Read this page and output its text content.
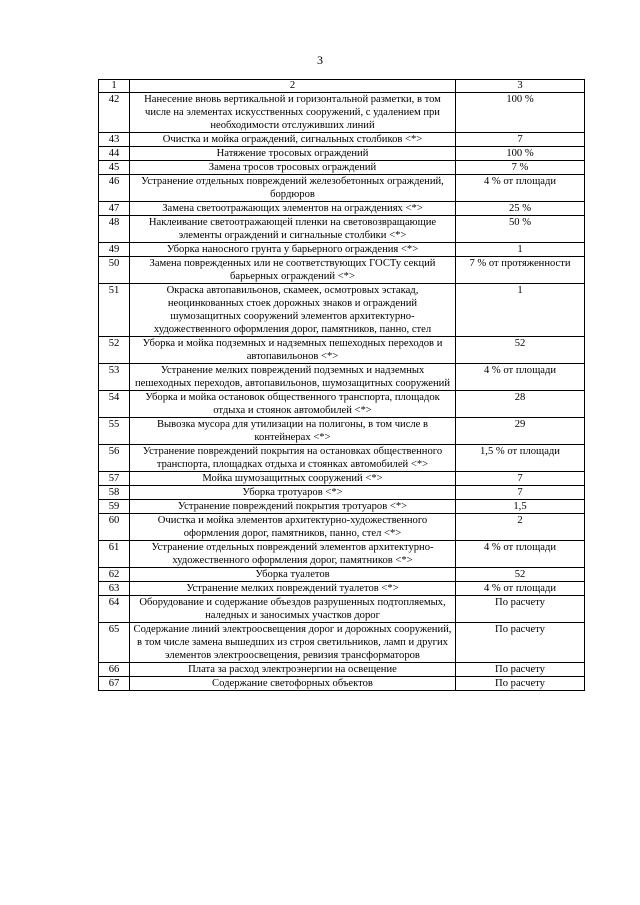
3
1	2	3
42	Нанесение вновь вертикальной и горизонтальной разметки, в том числе на элементах искусственных сооружений, с удалением при необходимости отслуживших линий	100 %
43	Очистка и мойка ограждений, сигнальных столбиков <*>	7
44	Натяжение тросовых ограждений	100 %
45	Замена тросов тросовых ограждений	7 %
46	Устранение отдельных повреждений железобетонных ограждений, бордюров	4 % от площади
47	Замена светоотражающих элементов на ограждениях <*>	25 %
48	Наклеивание светоотражающей пленки на световозвращающие элементы ограждений и сигнальные столбики <*>	50 %
49	Уборка наносного грунта у барьерного ограждения <*>	1
50	Замена поврежденных или не соответствующих ГОСТу секций барьерных ограждений <*>	7 % от протяженности
51	Окраска автопавильонов, скамеек, осмотровых эстакад, неоцинкованных стоек дорожных знаков и ограждений шумозащитных сооружений элементов архитектурно-художественного оформления дорог, памятников, панно, стел	1
52	Уборка и мойка подземных и надземных пешеходных переходов и автопавильонов <*>	52
53	Устранение мелких повреждений подземных и надземных пешеходных переходов, автопавильонов, шумозащитных сооружений	4 % от площади
54	Уборка и мойка остановок общественного транспорта, площадок отдыха и стоянок автомобилей <*>	28
55	Вывозка мусора для утилизации на полигоны, в том числе в контейнерах <*>	29
56	Устранение повреждений покрытия на остановках общественного транспорта, площадках отдыха и стоянках автомобилей <*>	1,5 % от площади
57	Мойка шумозащитных сооружений <*>	7
58	Уборка тротуаров <*>	7
59	Устранение повреждений покрытия тротуаров <*>	1,5
60	Очистка и мойка элементов архитектурно-художественного оформления дорог, памятников, панно, стел <*>	2
61	Устранение отдельных повреждений элементов архитектурно-художественного оформления дорог, памятников <*>	4 % от площади
62	Уборка туалетов	52
63	Устранение мелких повреждений туалетов <*>	4 % от площади
64	Оборудование и содержание объездов разрушенных подтопляемых, наледных и заносимых участков дорог	По расчету
65	Содержание линий электроосвещения дорог и дорожных сооружений, в том числе замена вышедших из строя светильников, ламп и других элементов электроосвещения, ревизия трансформаторов	По расчету
66	Плата за расход электроэнергии на освещение	По расчету
67	Содержание светофорных объектов	По расчету
